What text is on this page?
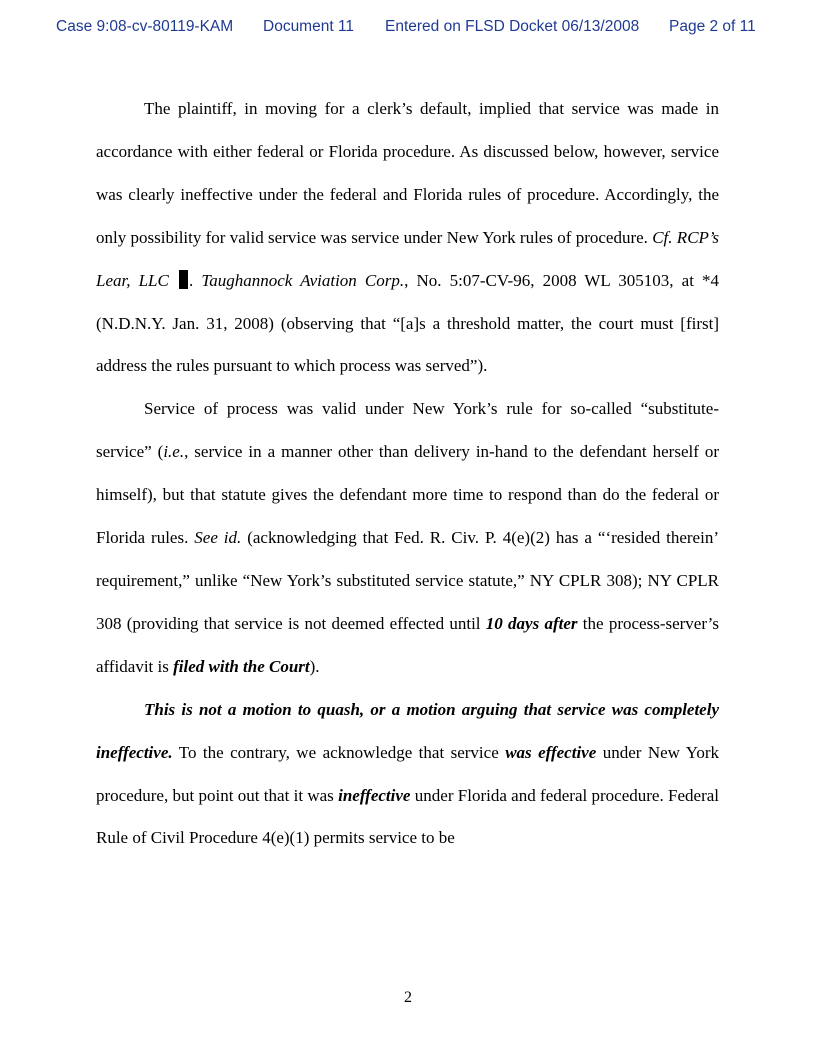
Case 9:08-cv-80119-KAM Document 11 Entered on FLSD Docket 06/13/2008 Page 2 of 11

The plaintiff, in moving for a clerk’s default, implied that service was made in accordance with either federal or Florida procedure. As discussed below, however, service was clearly ineffective under the federal and Florida rules of procedure. Accordingly, the only possibility for valid service was service under New York rules of procedure. Cf. RCP’s Lear, LLC . Taughannock Aviation Corp., No. 5:07-CV-96, 2008 WL 305103, at *4 (N.D.N.Y. Jan. 31, 2008) (observing that “[a]s a threshold matter, the court must [first] address the rules pursuant to which process was served”).

Service of process was valid under New York’s rule for so-called “substitute-service” (i.e., service in a manner other than delivery in-hand to the defendant herself or himself), but that statute gives the defendant more time to respond than do the federal or Florida rules. See id. (acknowledging that Fed. R. Civ. P. 4(e)(2) has a “‘resided therein’ requirement,” unlike “New York’s substituted service statute,” NY CPLR 308); NY CPLR 308 (providing that service is not deemed effected until 10 days after the process-server’s affidavit is filed with the Court).

This is not a motion to quash, or a motion arguing that service was completely ineffective. To the contrary, we acknowledge that service was effective under New York procedure, but point out that it was ineffective under Florida and federal procedure. Federal Rule of Civil Procedure 4(e)(1) permits service to be

2
